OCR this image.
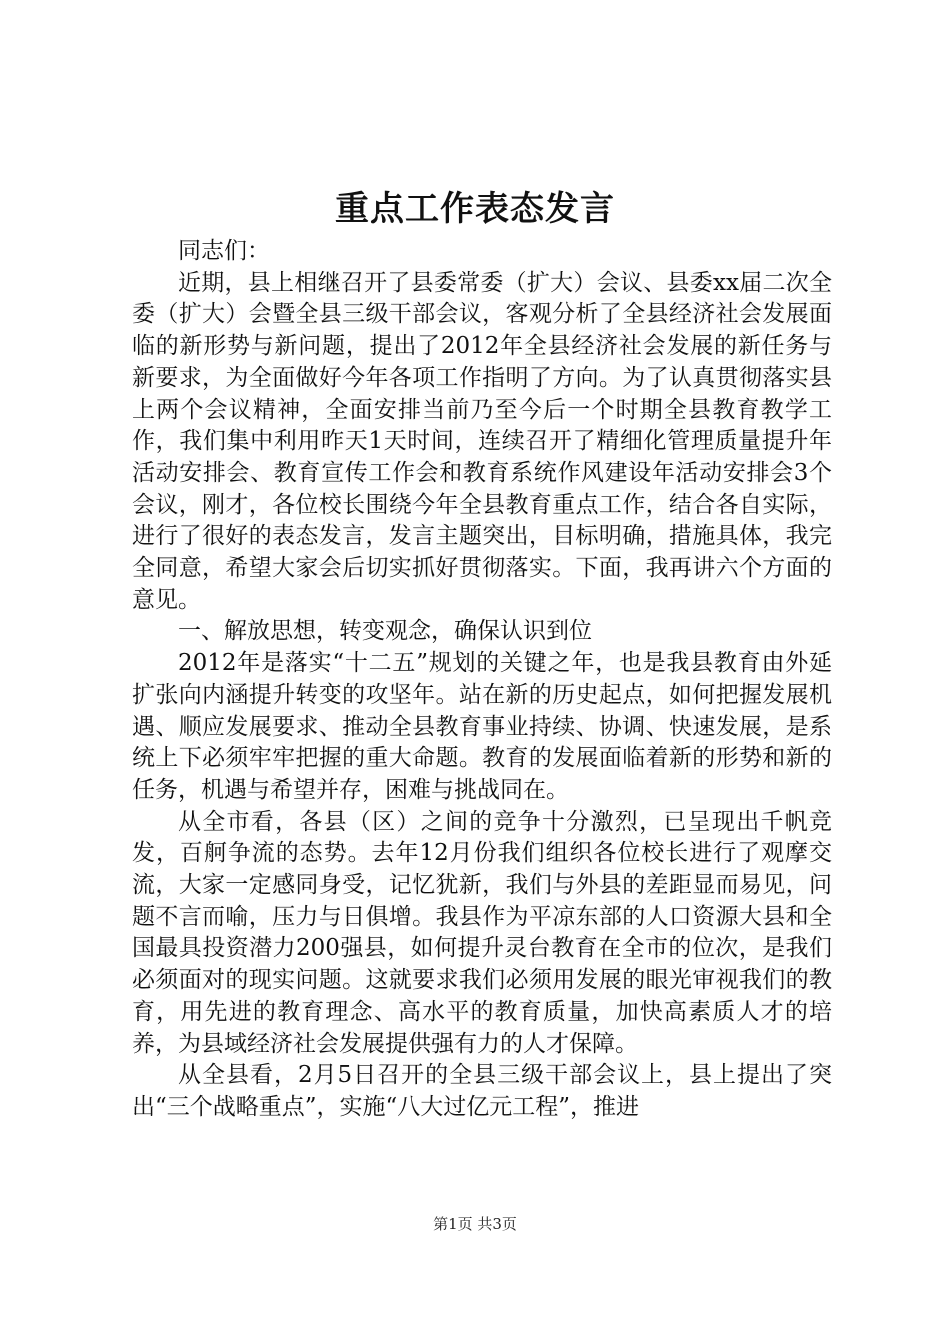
重点工作表态发言

同志们：

近期，县上相继召开了县委常委（扩大）会议、县委xx届二次全委（扩大）会暨全县三级干部会议，客观分析了全县经济社会发展面临的新形势与新问题，提出了2012年全县经济社会发展的新任务与新要求，为全面做好今年各项工作指明了方向。为了认真贯彻落实县上两个会议精神，全面安排当前乃至今后一个时期全县教育教学工作，我们集中利用昨天1天时间，连续召开了精细化管理质量提升年活动安排会、教育宣传工作会和教育系统作风建设年活动安排会3个会议，刚才，各位校长围绕今年全县教育重点工作，结合各自实际，进行了很好的表态发言，发言主题突出，目标明确，措施具体，我完全同意，希望大家会后切实抓好贯彻落实。下面，我再讲六个方面的意见。

一、解放思想，转变观念，确保认识到位

2012年是落实“十二五”规划的关键之年，也是我县教育由外延扩张向内涵提升转变的攻坚年。站在新的历史起点，如何把握发展机遇、顺应发展要求、推动全县教育事业持续、协调、快速发展，是系统上下必须牢牢把握的重大命题。教育的发展面临着新的形势和新的任务，机遇与希望并存，困难与挑战同在。

从全市看，各县（区）之间的竞争十分激烈，已呈现出千帆竞发，百舸争流的态势。去年12月份我们组织各位校长进行了观摩交流，大家一定感同身受，记忆犹新，我们与外县的差距显而易见，问题不言而喻，压力与日俱增。我县作为平凉东部的人口资源大县和全国最具投资潜力200强县，如何提升灵台教育在全市的位次，是我们必须面对的现实问题。这就要求我们必须用发展的眼光审视我们的教育，用先进的教育理念、高水平的教育质量，加快高素质人才的培养，为县域经济社会发展提供强有力的人才保障。

从全县看，2月5日召开的全县三级干部会议上，县上提出了突出“三个战略重点”，实施“八大过亿元工程”，推进

第1页 共3页
